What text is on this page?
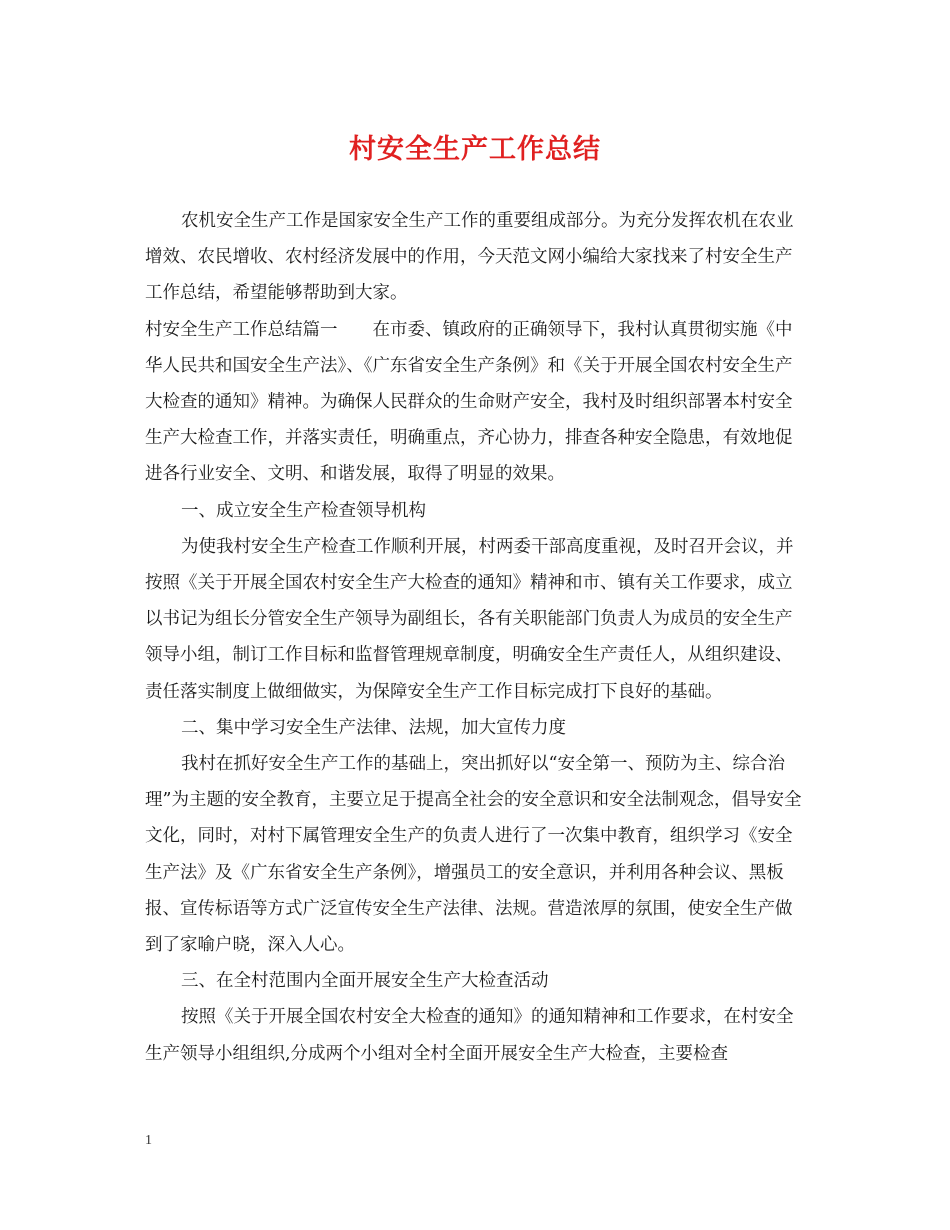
村安全生产工作总结

农机安全生产工作是国家安全生产工作的重要组成部分。为充分发挥农机在农业增效、农民增收、农村经济发展中的作用，今天范文网小编给大家找来了村安全生产工作总结，希望能够帮助到大家。

村安全生产工作总结篇一　　在市委、镇政府的正确领导下，我村认真贯彻实施《中华人民共和国安全生产法》、《广东省安全生产条例》和《关于开展全国农村安全生产大检查的通知》精神。为确保人民群众的生命财产安全，我村及时组织部署本村安全生产大检查工作，并落实责任，明确重点，齐心协力，排查各种安全隐患，有效地促进各行业安全、文明、和谐发展，取得了明显的效果。

一、成立安全生产检查领导机构

为使我村安全生产检查工作顺利开展，村两委干部高度重视，及时召开会议，并按照《关于开展全国农村安全生产大检查的通知》精神和市、镇有关工作要求，成立以书记为组长分管安全生产领导为副组长，各有关职能部门负责人为成员的安全生产领导小组，制订工作目标和监督管理规章制度，明确安全生产责任人，从组织建设、责任落实制度上做细做实，为保障安全生产工作目标完成打下良好的基础。

二、集中学习安全生产法律、法规，加大宣传力度

我村在抓好安全生产工作的基础上，突出抓好以“安全第一、预防为主、综合治理”为主题的安全教育，主要立足于提高全社会的安全意识和安全法制观念，倡导安全文化，同时，对村下属管理安全生产的负责人进行了一次集中教育，组织学习《安全生产法》及《广东省安全生产条例》，增强员工的安全意识，并利用各种会议、黑板报、宣传标语等方式广泛宣传安全生产法律、法规。营造浓厚的氛围，使安全生产做到了家喻户晓，深入人心。

三、在全村范围内全面开展安全生产大检查活动

按照《关于开展全国农村安全大检查的通知》的通知精神和工作要求，在村安全生产领导小组组织,分成两个小组对全村全面开展安全生产大检查，主要检查

1
